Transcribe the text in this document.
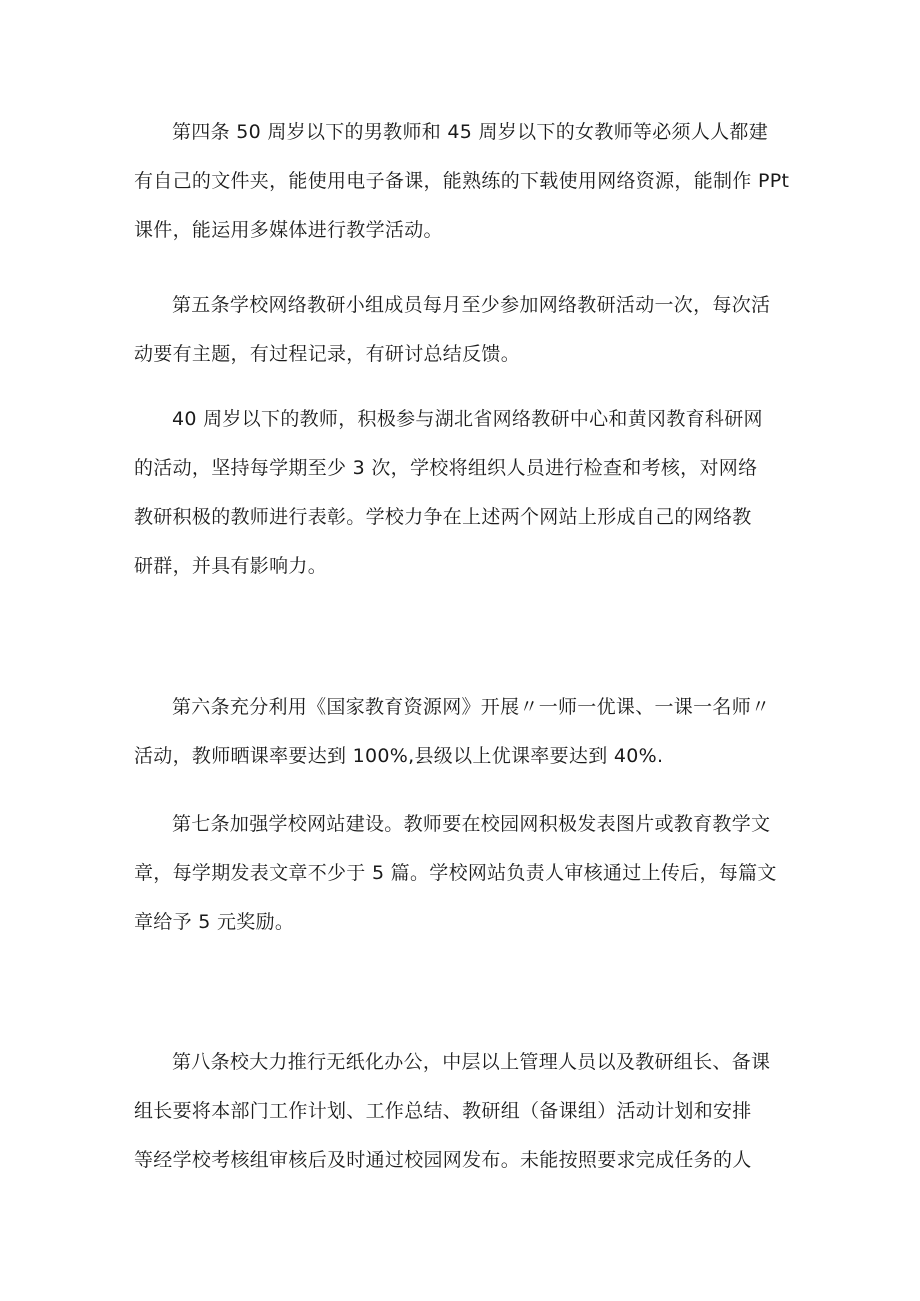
第四条 50 周岁以下的男教师和 45 周岁以下的女教师等必须人人都建
有自己的文件夹，能使用电子备课，能熟练的下载使用网络资源，能制作 PPt
课件，能运用多媒体进行教学活动。

第五条学校网络教研小组成员每月至少参加网络教研活动一次，每次活
动要有主题，有过程记录，有研讨总结反馈。

40 周岁以下的教师，积极参与湖北省网络教研中心和黄冈教育科研网
的活动，坚持每学期至少 3 次，学校将组织人员进行检查和考核，对网络
教研积极的教师进行表彰。学校力争在上述两个网站上形成自己的网络教
研群，并具有影响力。

第六条充分利用《国家教育资源网》开展〃一师一优课、一课一名师〃
活动，教师晒课率要达到 100%,县级以上优课率要达到 40%.

第七条加强学校网站建设。教师要在校园网积极发表图片或教育教学文
章，每学期发表文章不少于 5 篇。学校网站负责人审核通过上传后，每篇文
章给予 5 元奖励。

第八条校大力推行无纸化办公，中层以上管理人员以及教研组长、备课
组长要将本部门工作计划、工作总结、教研组（备课组）活动计划和安排
等经学校考核组审核后及时通过校园网发布。未能按照要求完成任务的人
